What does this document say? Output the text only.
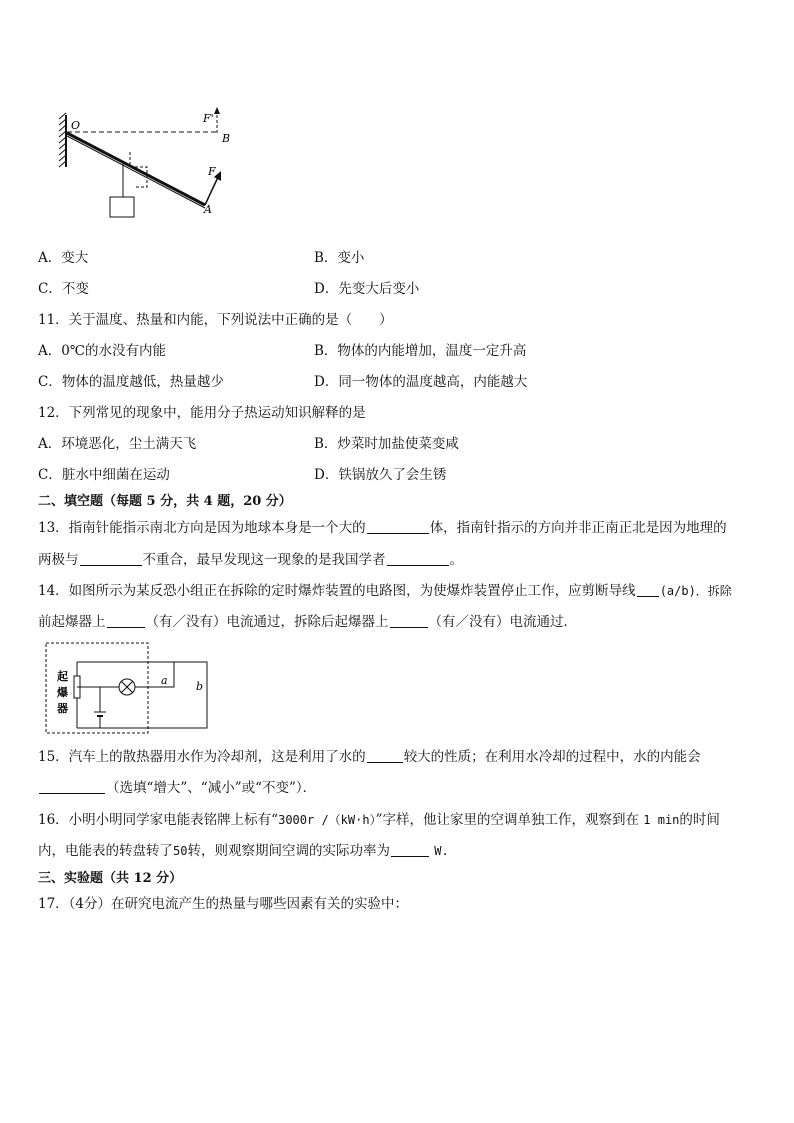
O
B
A
F
F'
A．变大	B．变小
C．不变	D．先变大后变小
11．关于温度、热量和内能，下列说法中正确的是（　　）
A．0℃的水没有内能	B．物体的内能增加，温度一定升高
C．物体的温度越低，热量越少	D．同一物体的温度越高，内能越大
12．下列常见的现象中，能用分子热运动知识解释的是
A．环境恶化，尘土满天飞	B．炒菜时加盐使菜变咸
C．脏水中细菌在运动	D．铁锅放久了会生锈
二、填空题（每题 5 分，共 4 题，20 分）
13．指南针能指示南北方向是因为地球本身是一个大的	体，指南针指示的方向并非正南正北是因为地理的
两极与	不重合，最早发现这一现象的是我国学者	。
14．如图所示为某反恐小组正在拆除的定时爆炸装置的电路图，为使爆炸装置停止工作，应剪断导线 (a/b)．拆除
前起爆器上	（有／没有）电流通过，拆除后起爆器上	（有／没有）电流通过．
起
爆
器
a	b
15．汽车上的散热器用水作为冷却剂，这是利用了水的	较大的性质；在利用水冷却的过程中，水的内能会
（选填“增大”、“减小”或“不变”）．
16．小明小明同学家电能表铭牌上标有“3000r /（kW·h）”字样，他让家里的空调单独工作，观察到在 1 min的时间
内，电能表的转盘转了50转，则观察期间空调的实际功率为	W.
三、实验题（共 12 分）
17．（4分）在研究电流产生的热量与哪些因素有关的实验中：
